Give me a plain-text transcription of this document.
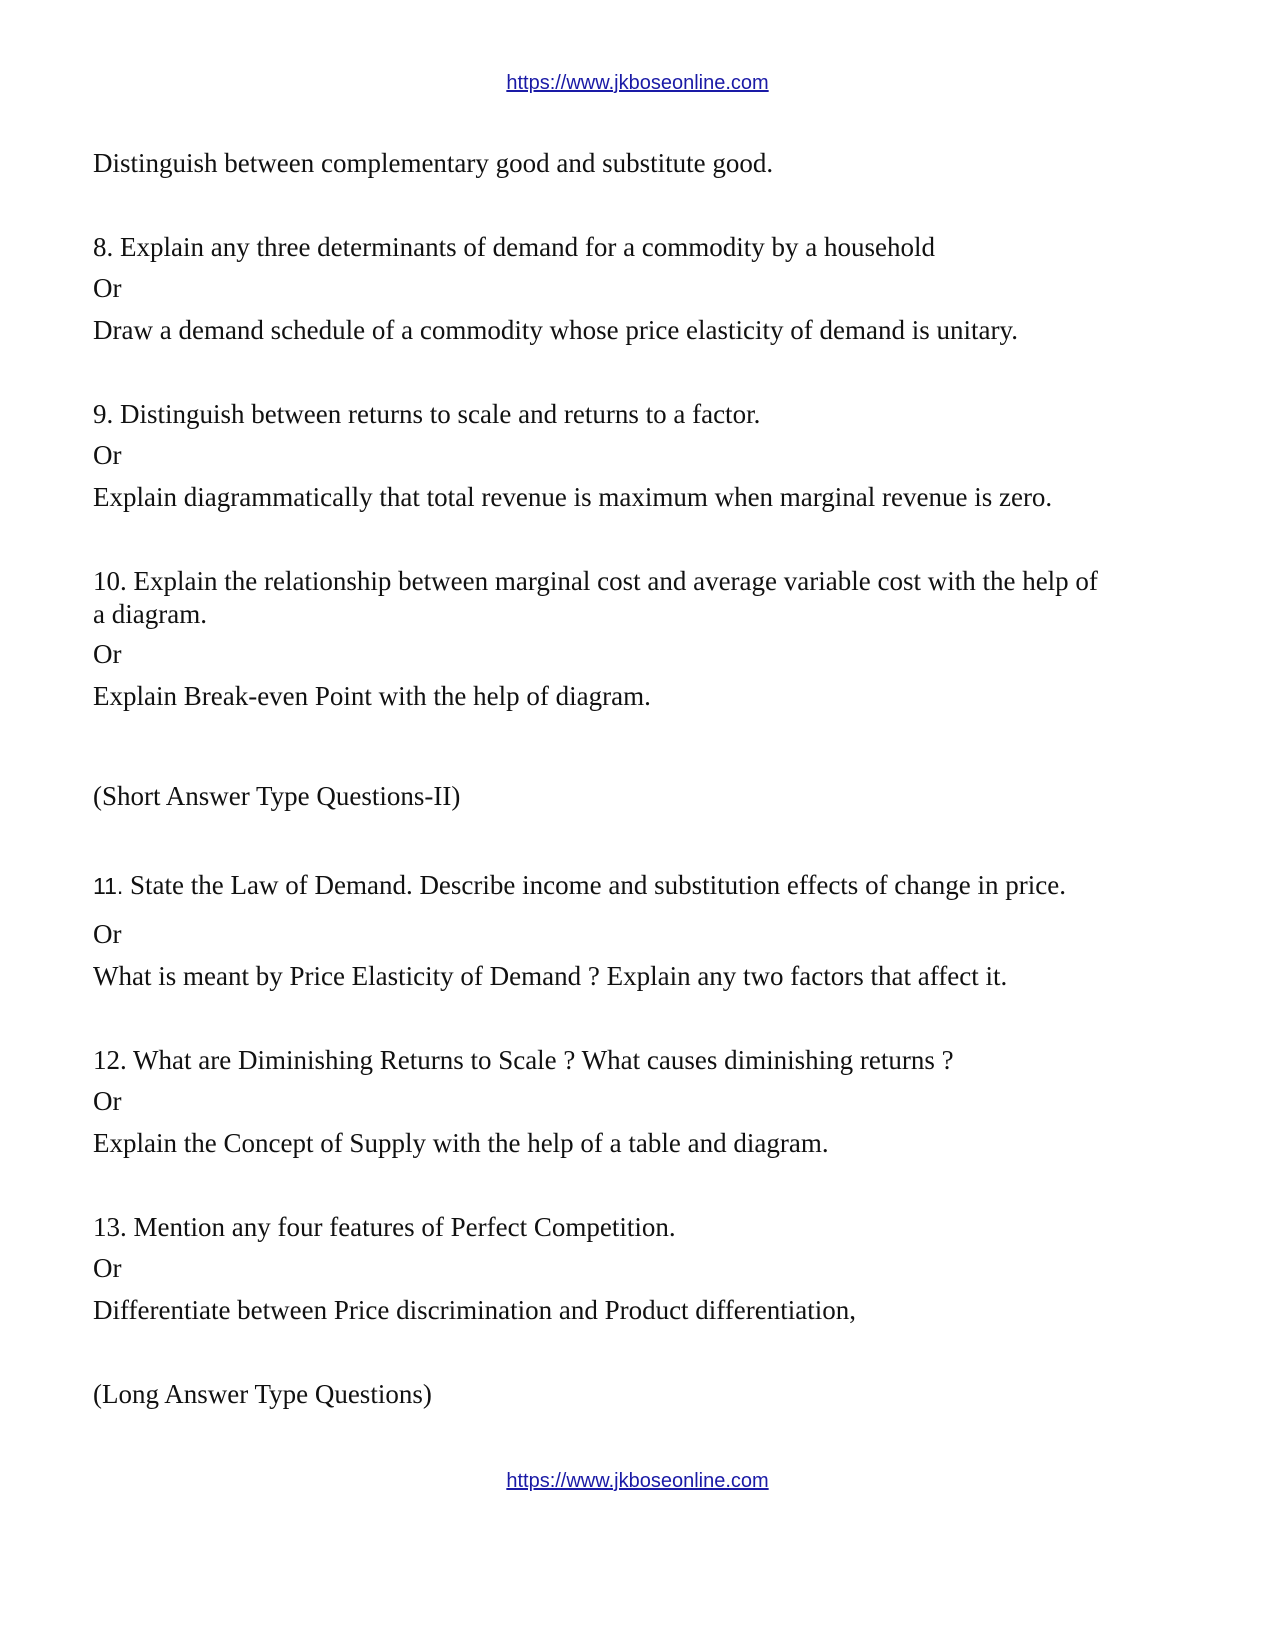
https://www.jkboseonline.com
Distinguish between complementary good and substitute good.
8. Explain any three determinants of demand for a commodity by a household
Or
Draw a demand schedule of a commodity whose price elasticity of demand is unitary.
9. Distinguish between returns to scale and returns to a factor.
Or
Explain diagrammatically that total revenue is maximum when marginal revenue is zero.
10. Explain the relationship between marginal cost and average variable cost with the help of
a diagram.
Or
Explain Break-even Point with the help of diagram.
(Short Answer Type Questions-II)
11. State the Law of Demand. Describe income and substitution effects of change in price.
Or
What is meant by Price Elasticity of Demand ? Explain any two factors that affect it.
12. What are Diminishing Returns to Scale ? What causes diminishing returns ?
Or
Explain the Concept of Supply with the help of a table and diagram.
13. Mention any four features of Perfect Competition.
Or
Differentiate between Price discrimination and Product differentiation,
(Long Answer Type Questions)
https://www.jkboseonline.com
